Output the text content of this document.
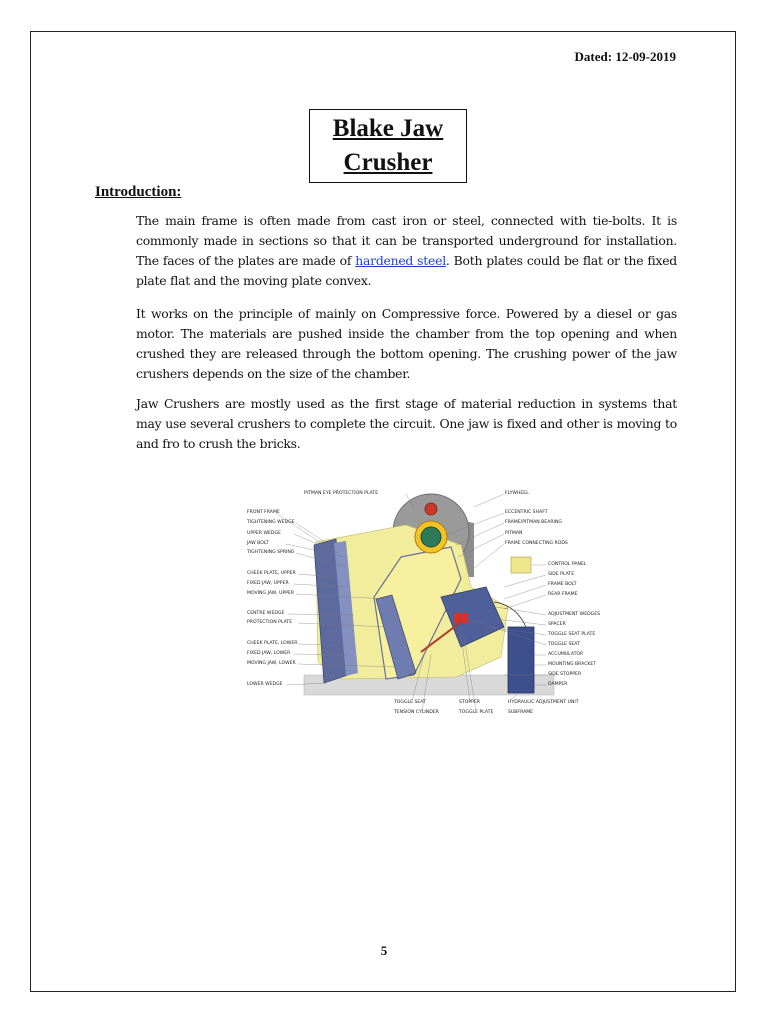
Dated: 12-09-2019
Blake Jaw
Crusher
Introduction:

The main frame is often made from cast iron or steel, connected with tie-bolts. It is commonly made in sections so that it can be transported underground for installation. The faces of the plates are made of hardened steel. Both plates could be flat or the fixed plate flat and the moving plate convex.

It works on the principle of mainly on Compressive force. Powered by a diesel or gas motor. The materials are pushed inside the chamber from the top opening and when crushed they are released through the bottom opening. The crushing power of the jaw crushers depends on the size of the chamber.

Jaw Crushers are mostly used as the first stage of material reduction in systems that may use several crushers to complete the circuit. One jaw is fixed and other is moving to and fro to crush the bricks.

FRONT FRAME
TIGHTENING WEDGE
UPPER WEDGE
JAW BOLT
TIGHTENING SPRING
CHEEK PLATE, UPPER
FIXED JAW, UPPER
MOVING JAW, UPPER
CENTRE WEDGE
PROTECTION PLATE
CHEEK PLATE, LOWER
FIXED JAW, LOWER
MOVING JAW, LOWER
LOWER WEDGE
PITMAN EYE PROTECTION PLATE	FLYWHEEL
ECCENTRIC SHAFT
FRAME/PITMAN BEARING
PITMAN
FRAME CONNECTING RODS
CONTROL PANEL
SIDE PLATE
FRAME BOLT
REAR FRAME
ADJUSTMENT WEDGES
SPACER
TOGGLE SEAT PLATE
TOGGLE SEAT
ACCUMULATOR
MOUNTING BRACKET
SIDE STOPPER
DAMPER
TOGGLE SEAT
TENSION CYLINDER
STOPPER
TOGGLE PLATE
HYDRAULIC ADJUSTMENT UNIT
SUBFRAME
5
